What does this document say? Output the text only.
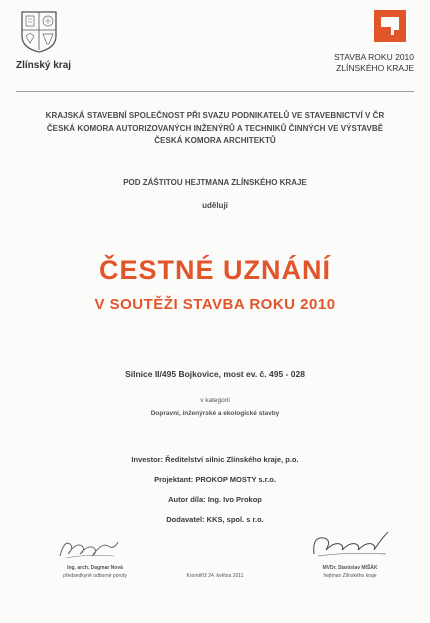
Zlínský kraj
STAVBA ROKU 2010
ZLÍNSKÉHO KRAJE
KRAJSKÁ STAVEBNÍ SPOLEČNOST PŘI SVAZU PODNIKATELŮ VE STAVEBNICTVÍ V ČR
ČESKÁ KOMORA AUTORIZOVANÝCH INŽENÝRŮ A TECHNIKŮ ČINNÝCH VE VÝSTAVBĚ
ČESKÁ KOMORA ARCHITEKTŮ
POD ZÁŠTITOU HEJTMANA ZLÍNSKÉHO KRAJE
udělují
ČESTNÉ UZNÁNÍ
V SOUTĚŽI STAVBA ROKU 2010
Silnice II/495 Bojkovice, most ev. č. 495 - 028
v kategorii
Dopravní, inženýrské a ekologické stavby
Investor: Ředitelství silnic Zlínského kraje, p.o.
Projektant: PROKOP MOSTY s.r.o.
Autor díla: Ing. Ivo Prokop
Dodavatel: KKS, spol. s r.o.
Ing. arch. Dagmar Nová
předsedkyně odborné poroty	Kroměříž 24. května 2011
MVDr. Stanislav MIŠÁK
hejtman Zlínského kraje
